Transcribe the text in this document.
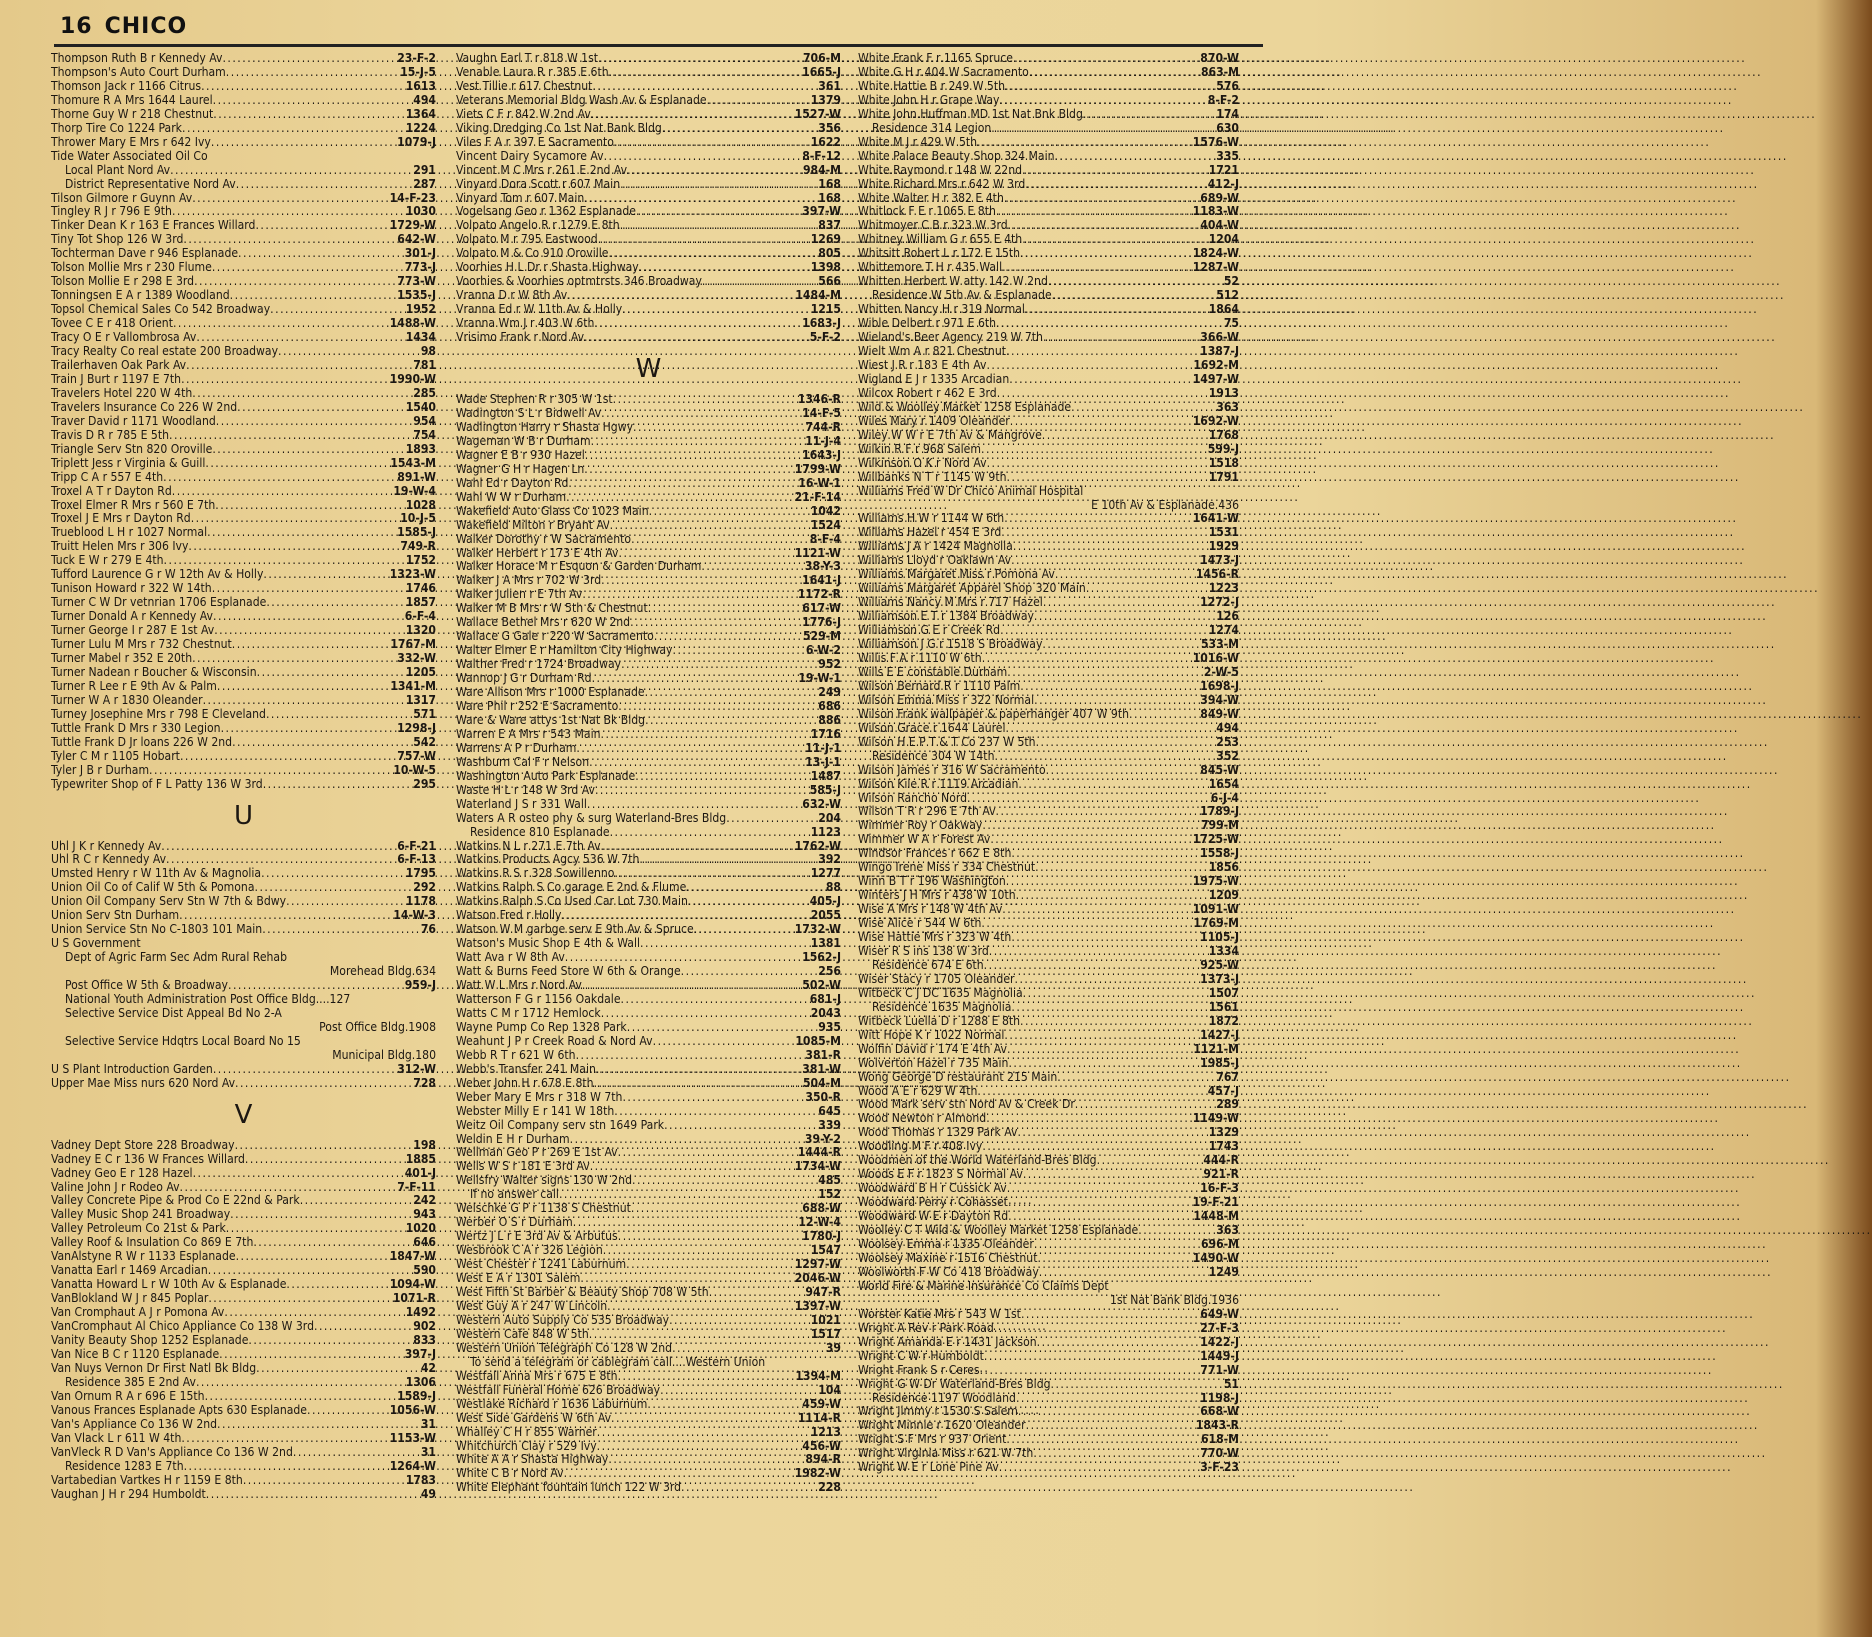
16 CHICO
Thompson Ruth B r Kennedy Av .....	23-F-2
Thompson's Auto Court Durham .....	15-J-5
Thomson Jack r 1166 Citrus .....	1613
Thomure R A Mrs 1644 Laurel .....	494
Thorne Guy W r 218 Chestnut .....	1364
Thorp Tire Co 1224 Park .....	1224
Thrower Mary E Mrs r 642 Ivy .....	1079-J
Tide Water Associated Oil Co
Local Plant Nord Av .....	291
District Representative Nord Av .....	287
Tilson Gilmore r Guynn Av .....	14-F-23
Tingley R J r 796 E 9th .....	1030
Tinker Dean K r 163 E Frances Willard .....	1729-W
Tiny Tot Shop 126 W 3rd .....	642-W
Tochterman Dave r 946 Esplanade .....	301-J
Tolson Mollie Mrs r 230 Flume .....	773-J
Tolson Mollie E r 298 E 3rd .....	773-W
Tonningsen E A r 1389 Woodland .....	1535-J
Topsol Chemical Sales Co 542 Broadway .....	1952
Tovee C E r 418 Orient .....	1488-W
Tracy O E r Vallombrosa Av .....	1434
Tracy Realty Co real estate 200 Broadway .....	98
Trailerhaven Oak Park Av .....	781
Train J Burt r 1197 E 7th .....	1990-W
Travelers Hotel 220 W 4th .....	285
Travelers Insurance Co 226 W 2nd .....	1540
Traver David r 1171 Woodland .....	954
Travis D R r 785 E 5th .....	754
Triangle Serv Stn 820 Oroville .....	1893
Triplett Jess r Virginia & Guill .....	1543-M
Tripp C A r 557 E 4th .....	891-W
Troxel A T r Dayton Rd .....	19-W-4
Troxel Elmer R Mrs r 560 E 7th .....	1028
Troxel J E Mrs r Dayton Rd .....	10-J-5
Trueblood L H r 1027 Normal .....	1585-J
Truitt Helen Mrs r 306 Ivy .....	749-R
Tuck E W r 279 E 4th .....	1752
Tufford Laurence G r W 12th Av & Holly .....	1323-W
Tunison Howard r 322 W 14th .....	1746
Turner C W Dr vetnrian 1706 Esplanade .....	1857
Turner Donald A r Kennedy Av .....	6-F-4
Turner George I r 287 E 1st Av .....	1320
Turner Lulu M Mrs r 732 Chestnut .....	1767-M
Turner Mabel r 352 E 20th .....	332-W
Turner Nadean r Boucher & Wisconsin .....	1205
Turner R Lee r E 9th Av & Palm .....	1341-M
Turner W A r 1830 Oleander .....	1317
Turney Josephine Mrs r 798 E Cleveland .....	571
Tuttle Frank D Mrs r 330 Legion .....	1298-J
Tuttle Frank D Jr loans 226 W 2nd .....	542
Tyler C M r 1105 Hobart .....	757-W
Tyler J B r Durham .....	10-W-5
Typewriter Shop of F L Patty 136 W 3rd .....	295
U
Uhl J K r Kennedy Av .....	6-F-21
Uhl R C r Kennedy Av .....	6-F-13
Umsted Henry r W 11th Av & Magnolia .....	1795
Union Oil Co of Calif W 5th & Pomona .....	292
Union Oil Company Serv Stn W 7th & Bdwy .....	1178
Union Serv Stn Durham .....	14-W-3
Union Service Stn No C-1803 101 Main .....	76
U S Government
Dept of Agric Farm Sec Adm Rural Rehab
Morehead Bldg.634
Post Office W 5th & Broadway .....	959-J
National Youth Administration Post Office Bldg....127
Selective Service Dist Appeal Bd No 2-A
Post Office Bldg.1908
Selective Service Hdqtrs Local Board No 15
Municipal Bldg.180
U S Plant Introduction Garden .....	312-W
Upper Mae Miss nurs 620 Nord Av .....	728
V
Vadney Dept Store 228 Broadway .....	198
Vadney E C r 136 W Frances Willard .....	1885
Vadney Geo E r 128 Hazel .....	401-J
Valine John J r Rodeo Av .....	7-F-11
Valley Concrete Pipe & Prod Co E 22nd & Park .....	242
Valley Music Shop 241 Broadway .....	943
Valley Petroleum Co 21st & Park .....	1020
Valley Roof & Insulation Co 869 E 7th .....	646
VanAlstyne R W r 1133 Esplanade .....	1847-W
Vanatta Earl r 1469 Arcadian .....	590
Vanatta Howard L r W 10th Av & Esplanade .....	1094-W
VanBlokland W J r 845 Poplar .....	1071-R
Van Cromphaut A J r Pomona Av .....	1492
VanCromphaut Al Chico Appliance Co 138 W 3rd .....	902
Vanity Beauty Shop 1252 Esplanade .....	833
Van Nice B C r 1120 Esplanade .....	397-J
Van Nuys Vernon Dr First Natl Bk Bldg .....	42
Residence 385 E 2nd Av .....	1306
Van Ornum R A r 696 E 15th .....	1589-J
Vanous Frances Esplanade Apts 630 Esplanade .....	1056-W
Van's Appliance Co 136 W 2nd .....	31
Van Vlack L r 611 W 4th .....	1153-W
VanVleck R D Van's Appliance Co 136 W 2nd .....	31
Residence 1283 E 7th .....	1264-W
Vartabedian Vartkes H r 1159 E 8th .....	1783
Vaughan J H r 294 Humboldt .....	49
Vaughn Earl T r 818 W 1st .....	706-M
Venable Laura R r 385 E 6th .....	1665-J
Vest Tillie r 617 Chestnut .....	361
Veterans Memorial Bldg Wash Av & Esplanade .....	1379
Viets C F r 842 W 2nd Av .....	1527-W
Viking Dredging Co 1st Nat Bank Bldg .....	356
Viles F A r 397 E Sacramento .....	1622
Vincent Dairy Sycamore Av .....	8-F-12
Vincent M C Mrs r 261 E 2nd Av .....	984-M
Vinyard Dora Scott r 607 Main .....	168
Vinyard Tom r 607 Main .....	168
Vogelsang Geo r 1362 Esplanade .....	397-W
Volpato Angelo R r 1279 E 8th .....	837
Volpato M r 795 Eastwood .....	1269
Volpato M & Co 910 Oroville .....	805
Voorhies H L Dr r Shasta Highway .....	1398
Voorhies & Voorhies optmtrsts 346 Broadway .....	566
Vranna D r W 8th Av .....	1484-M
Vranna Ed r W 11th Av & Holly .....	1215
Vranna Wm J r 403 W 6th .....	1683-J
Vrisimo Frank r Nord Av .....	5-F-2
W
Wade Stephen R r 305 W 1st .....	1346-R
Wadington S L r Bidwell Av .....	14-F-5
Wadlington Harry r Shasta Hgwy .....	744-R
Wageman W B r Durham .....	11-J-4
Wagner E B r 930 Hazel .....	1643-J
Wagner G H r Hagen Ln .....	1799-W
Wahl Ed r Dayton Rd .....	16-W-1
Wahl W W r Durham .....	21-F-14
Wakefield Auto Glass Co 1023 Main .....	1042
Wakefield Milton r Bryant Av .....	1524
Walker Dorothy r W Sacramento .....	8-F-4
Walker Herbert r 173 E 4th Av .....	1121-W
Walker Horace M r Esquon & Garden Durham .....	38-Y-3
Walker J A Mrs r 702 W 3rd .....	1641-J
Walker Julien r E 7th Av .....	1172-R
Walker M B Mrs r W 5th & Chestnut .....	617-W
Wallace Bethel Mrs r 620 W 2nd .....	1776-J
Wallace G Gale r 220 W Sacramento .....	529-M
Walter Elmer E r Hamilton City Highway .....	6-W-2
Walther Fred r 1724 Broadway .....	952
Wannop J G r Durham Rd .....	19-W-1
Ware Allison Mrs r 1000 Esplanade .....	249
Ware Phil r 252 E Sacramento .....	686
Ware & Ware attys 1st Nat Bk Bldg .....	886
Warren E A Mrs r 543 Main .....	1716
Warrens A P r Durham .....	11-J-1
Washburn Cal F r Nelson .....	13-J-1
Washington Auto Park Esplanade .....	1487
Waste H L r 148 W 3rd Av .....	585-J
Waterland J S r 331 Wall .....	632-W
Waters A R osteo phy & surg Waterland-Bres Bldg .....	204
Residence 810 Esplanade .....	1123
Watkins N L r 271 E 7th Av .....	1762-W
Watkins Products Agcy 536 W 7th .....	392
Watkins R S r 328 Sowillenno .....	1277
Watkins Ralph S Co garage E 2nd & Flume .....	88
Watkins Ralph S Co Used Car Lot 730 Main .....	405-J
Watson Fred r Holly .....	2055
Watson W M garbge serv E 9th Av & Spruce .....	1732-W
Watson's Music Shop E 4th & Wall .....	1381
Watt Ava r W 8th Av .....	1562-J
Watt & Burns Feed Store W 6th & Orange .....	256
Watt W L Mrs r Nord Av .....	502-W
Watterson F G r 1156 Oakdale .....	681-J
Watts C M r 1712 Hemlock .....	2043
Wayne Pump Co Rep 1328 Park .....	935
Weahunt J P r Creek Road & Nord Av .....	1085-M
Webb R T r 621 W 6th .....	381-R
Webb's Transfer 241 Main .....	381-W
Weber John H r 678 E 8th .....	504-M
Weber Mary E Mrs r 318 W 7th .....	350-R
Webster Milly E r 141 W 18th .....	645
Weitz Oil Company serv stn 1649 Park .....	339
Weldin E H r Durham .....	39-Y-2
Wellman Geo P r 269 E 1st Av .....	1444-R
Wells W S r 181 E 3rd Av .....	1734-W
Wellsfry Walter signs 130 W 2nd .....	485
If no answer call .....	152
Welschke G P r 1138 S Chestnut .....	688-W
Werber O S r Durham .....	12-W-4
Wertz J L r E 3rd Av & Arbutus .....	1780-J
Wesbrook C A r 326 Legion .....	1547
West Chester r 1241 Laburnum .....	1297-W
West E A r 1301 Salem .....	2046-W
West Fifth St Barber & Beauty Shop 708 W 5th .....	947-R
West Guy A r 247 W Lincoln .....	1397-W
Western Auto Supply Co 535 Broadway .....	1021
Western Cafe 848 W 5th .....	1517
Western Union Telegraph Co 128 W 2nd .....	39
To send a telegram or cablegram call....Western Union
Westfall Anna Mrs r 675 E 8th .....	1394-M
Westfall Funeral Home 626 Broadway .....	104
Westlake Richard r 1636 Laburnum .....	459-W
West Side Gardens W 6th Av .....	1114-R
Whalley C H r 855 Warner .....	1213
Whitchurch Clay r 529 Ivy .....	456-W
White A A r Shasta Highway .....	894-R
White C B r Nord Av .....	1982-W
White Elephant fountain lunch 122 W 3rd .....	228
White Frank F r 1165 Spruce .....	870-W
White G H r 404 W Sacramento .....	863-M
White Hattie B r 249 W 5th .....	576
White John H r Grape Way .....	8-F-2
White John Huffman MD 1st Nat Bnk Bldg .....	174
Residence 314 Legion .....	630
White M J r 429 W 5th .....	1576-W
White Palace Beauty Shop 324 Main .....	335
White Raymond r 148 W 22nd .....	1721
White Richard Mrs r 642 W 3rd .....	412-J
White Walter H r 382 E 4th .....	689-W
Whitlock F E r 1065 E 8th .....	1183-W
Whitmoyer C B r 323 W 3rd .....	404-W
Whitney William G r 655 E 4th .....	1204
Whitsitt Robert L r 172 E 15th .....	1824-W
Whittemore T H r 435 Wall .....	1287-W
Whitten Herbert W atty 142 W 2nd .....	52
Residence W 5th Av & Esplanade .....	512
Whitten Nancy H r 319 Normal .....	1864
Wible Delbert r 971 E 6th .....	75
Wieland's Beer Agency 219 W 7th .....	366-W
Wielt Wm A r 821 Chestnut .....	1387-J
Wiest J R r 183 E 4th Av .....	1692-M
Wigland E J r 1335 Arcadian .....	1497-W
Wilcox Robert r 462 E 3rd .....	1913
Wild & Woolley Market 1258 Esplanade .....	363
Wiles Mary r 1409 Oleander .....	1692-W
Wiley W W r E 7th Av & Mangrove .....	1768
Wilkin R F r 968 Salem .....	599-J
Wilkinson O K r Nord Av .....	1518
Willbanks N T r 1145 W 9th .....	1791
Williams Fred W Dr Chico Animal Hospital
E 10th Av & Esplanade.436
Williams H W r 1144 W 6th .....	1641-W
Williams Hazel r 454 E 3rd .....	1531
Williams J A r 1424 Magnolia .....	1929
Williams Lloyd r Oaklawn Av .....	1473-J
Williams Margaret Miss r Pomona Av .....	1456-R
Williams Margaret Apparel Shop 320 Main .....	1223
Williams Nancy M Mrs r 717 Hazel .....	1272-J
Williamson E T r 1384 Broadway .....	126
Williamson G E r Creek Rd .....	1274
Williamson J G r 1518 S Broadway .....	533-M
Willis F A r 1110 W 6th .....	1016-W
Wills E E constable Durham .....	2-W-5
Wilson Bernard R r 1110 Palm .....	1698-J
Wilson Emma Miss r 322 Normal .....	394-W
Wilson Frank wallpaper & paperhanger 407 W 9th .....	849-W
Wilson Grace r 1644 Laurel .....	494
Wilson H E P T & T Co 237 W 5th .....	253
Residence 304 W 14th .....	352
Wilson James r 316 W Sacramento .....	845-W
Wilson Kile R r 1119 Arcadian .....	1654
Wilson Rancho Nord .....	6-J-4
Wilson T R r 296 E 7th Av .....	1789-J
Wimmer Roy r Oakway .....	799-M
Wimmer W A r Forest Av .....	1725-W
Windsor Frances r 662 E 8th .....	1558-J
Wingo Irene Miss r 334 Chestnut .....	1856
Winn B T r 196 Washington .....	1975-W
Winters J H Mrs r 438 W 10th .....	1209
Wise A Mrs r 148 W 4th Av .....	1091-W
Wise Alice r 544 W 6th .....	1769-M
Wise Hattie Mrs r 323 W 4th .....	1105-J
Wiser R S ins 138 W 3rd .....	1334
Residence 674 E 6th .....	925-W
Wiser Stacy r 1705 Oleander .....	1373-J
Witbeck C J DC 1635 Magnolia .....	1507
Residence 1635 Magnolia .....	1561
Witbeck Luella D r 1288 E 8th .....	1872
Witt Hope K r 1022 Normal .....	1427-J
Wolfin David r 174 E 4th Av .....	1121-M
Wolverton Hazel r 735 Main .....	1985-J
Wong George D restaurant 215 Main .....	767
Wood A E r 629 W 4th .....	457-J
Wood Mark serv stn Nord Av & Creek Dr .....	289
Wood Newton r Almond .....	1149-W
Wood Thomas r 1329 Park Av .....	1329
Woodling M F r 408 Ivy .....	1743
Woodmen of the World Waterland-Bres Bldg .....	444-R
Woods E F r 1823 S Normal Av .....	921-R
Woodward B H r Cussick Av .....	16-F-3
Woodward Perry r Cohasset .....	19-F-21
Woodward W E r Dayton Rd .....	1448-M
Woolley C T Wild & Woolley Market 1258 Esplanade .....	363
Woolsey Emma r 1335 Oleander .....	696-M
Woolsey Maxine r 1516 Chestnut .....	1490-W
Woolworth F W Co 418 Broadway .....	1249
World Fire & Marine Insurance Co Claims Dept
1st Nat Bank Bldg.1936
Worster Katie Mrs r 543 W 1st .....	649-W
Wright A Rev r Park Road .....	27-F-3
Wright Amanda E r 1431 Jackson .....	1422-J
Wright C W r Humboldt .....	1449-J
Wright Frank S r Ceres .....	771-W
Wright G W Dr Waterland-Bres Bldg .....	51
Residence 1197 Woodland .....	1198-J
Wright Jimmy r 1530 S Salem .....	668-W
Wright Minnie r 1620 Oleander .....	1843-R
Wright S F Mrs r 937 Orient .....	618-M
Wright Virginia Miss r 621 W 7th .....	770-W
Wright W E r Lone Pine Av .....	3-F-23
